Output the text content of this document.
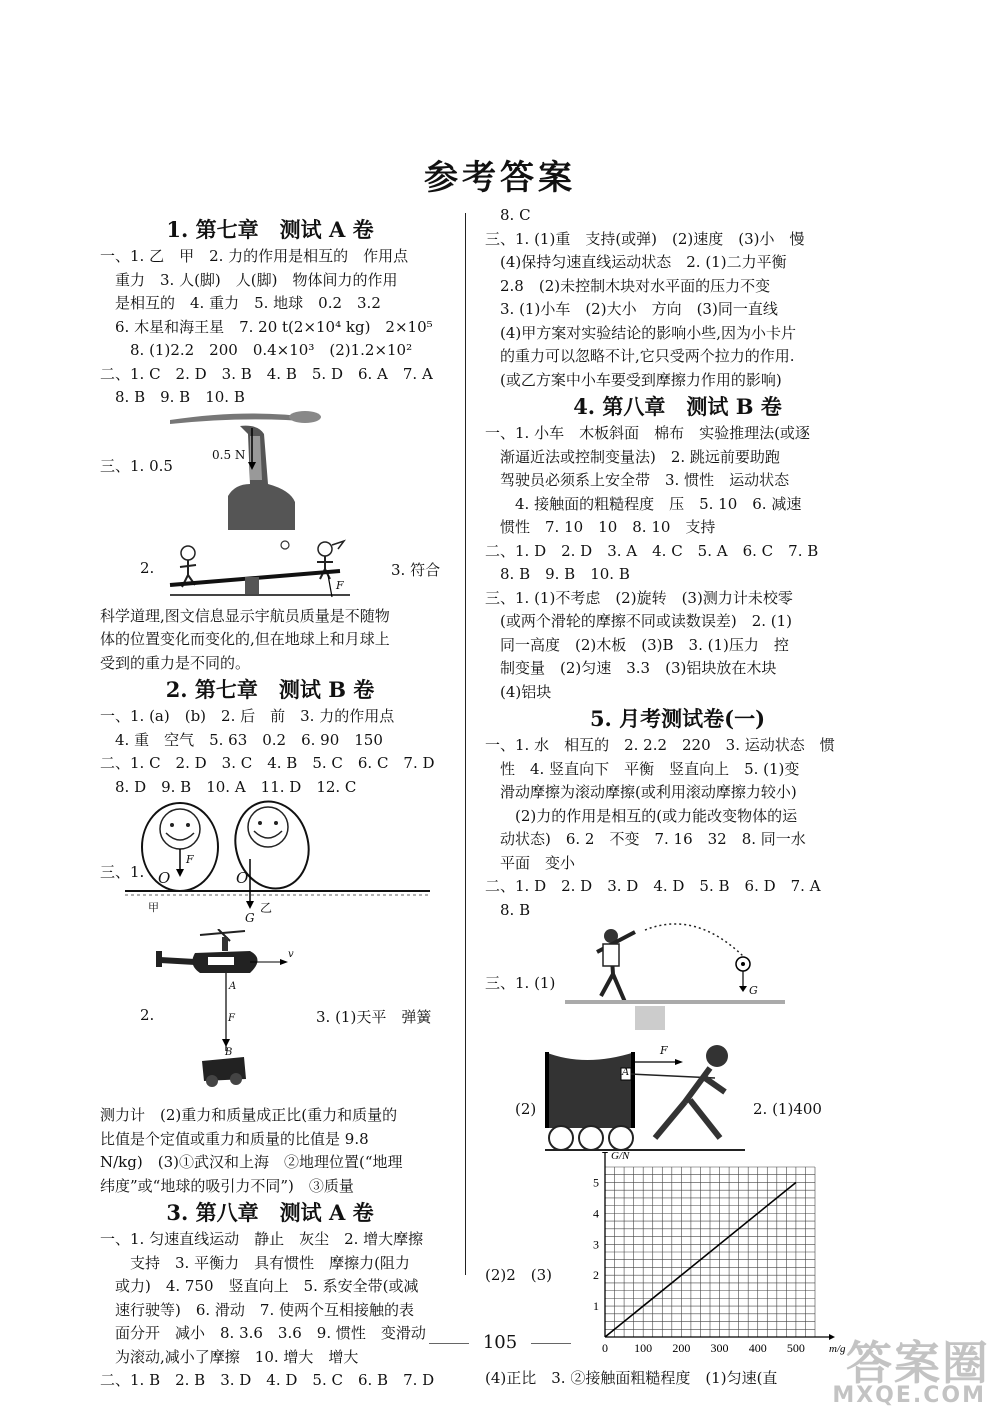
参考答案
1. 第七章　测试 A 卷
一、1. 乙　甲　2. 力的作用是相互的　作用点
　重力　3. 人(脚)　人(脚)　物体间力的作用
　是相互的　4. 重力　5. 地球　0.2　3.2
　6. 木星和海王星　7. 20 t(2×10⁴ kg)　2×10⁵
　　8. (1)2.2　200　0.4×10³　(2)1.2×10²
二、1. C　2. D　3. B　4. B　5. D　6. A　7. A
　8. B　9. B　10. B
三、1. 0.5
0.5 N
2.
F
3. 符合
科学道理,图文信息显示宇航员质量是不随物
体的位置变化而变化的,但在地球上和月球上
受到的重力是不同的。
2. 第七章　测试 B 卷
一、1. (a)　(b)　2. 后　前　3. 力的作用点
　4. 重　空气　5. 63　0.2　6. 90　150
二、1. C　2. D　3. C　4. B　5. C　6. C　7. D
　8. D　9. B　10. A　11. D　12. C
三、1. O	O
F
G
甲	乙
2.
A
F
B
v
3. (1)天平　弹簧
测力计　(2)重力和质量成正比(重力和质量的
比值是个定值或重力和质量的比值是 9.8
N/kg)　(3)①武汉和上海　②地理位置(“地理
纬度”或“地球的吸引力不同”)　③质量
3. 第八章　测试 A 卷
一、1. 匀速直线运动　静止　灰尘　2. 增大摩擦
　　支持　3. 平衡力　具有惯性　摩擦力(阻力
　或力)　4. 750　竖直向上　5. 系安全带(或减
　速行驶等)　6. 滑动　7. 使两个互相接触的表
　面分开　减小　8. 3.6　3.6　9. 惯性　变滑动
　为滚动,减小了摩擦　10. 增大　增大
二、1. B　2. B　3. D　4. D　5. C　6. B　7. D
　8. C
三、1. (1)重　支持(或弹)　(2)速度　(3)小　慢
　(4)保持匀速直线运动状态　2. (1)二力平衡
　2.8　(2)未控制木块对水平面的压力不变
　3. (1)小车　(2)大小　方向　(3)同一直线
　(4)甲方案对实验结论的影响小些,因为小卡片
　的重力可以忽略不计,它只受两个拉力的作用.
　(或乙方案中小车要受到摩擦力作用的影响)
4. 第八章　测试 B 卷
一、1. 小车　木板斜面　棉布　实验推理法(或逐
　渐逼近法或控制变量法)　2. 跳远前要助跑
　驾驶员必须系上安全带　3. 惯性　运动状态
　　4. 接触面的粗糙程度　压　5. 10　6. 减速
　惯性　7. 10　10　8. 10　支持
二、1. D　2. D　3. A　4. C　5. A　6. C　7. B
　8. B　9. B　10. B
三、1. (1)不考虑　(2)旋转　(3)测力计未校零
　(或两个滑轮的摩擦不同或读数误差)　2. (1)
　同一高度　(2)木板　(3)B　3. (1)压力　控
　制变量　(2)匀速　3.3　(3)铝块放在木块
　(4)铝块
5. 月考测试卷(一)
一、1. 水　相互的　2. 2.2　220　3. 运动状态　惯
　性　4. 竖直向下　平衡　竖直向上　5. (1)变
　滑动摩擦为滚动摩擦(或利用滚动摩擦力较小)
　　(2)力的作用是相互的(或力能改变物体的运
　动状态)　6. 2　不变　7. 16　32　8. 同一水
　平面　变小
二、1. D　2. D　3. D　4. D　5. B　6. D　7. A
　8. B
三、1. (1)	G
(2)
F
A
2. (1)400
(2)2　(3)
0 100 200 300 400 500
1
2
3
4
5
m/g
G/N
(4)正比　3. ②接触面粗糙程度　(1)匀速(直
105	答案圈
MXQE.COM
